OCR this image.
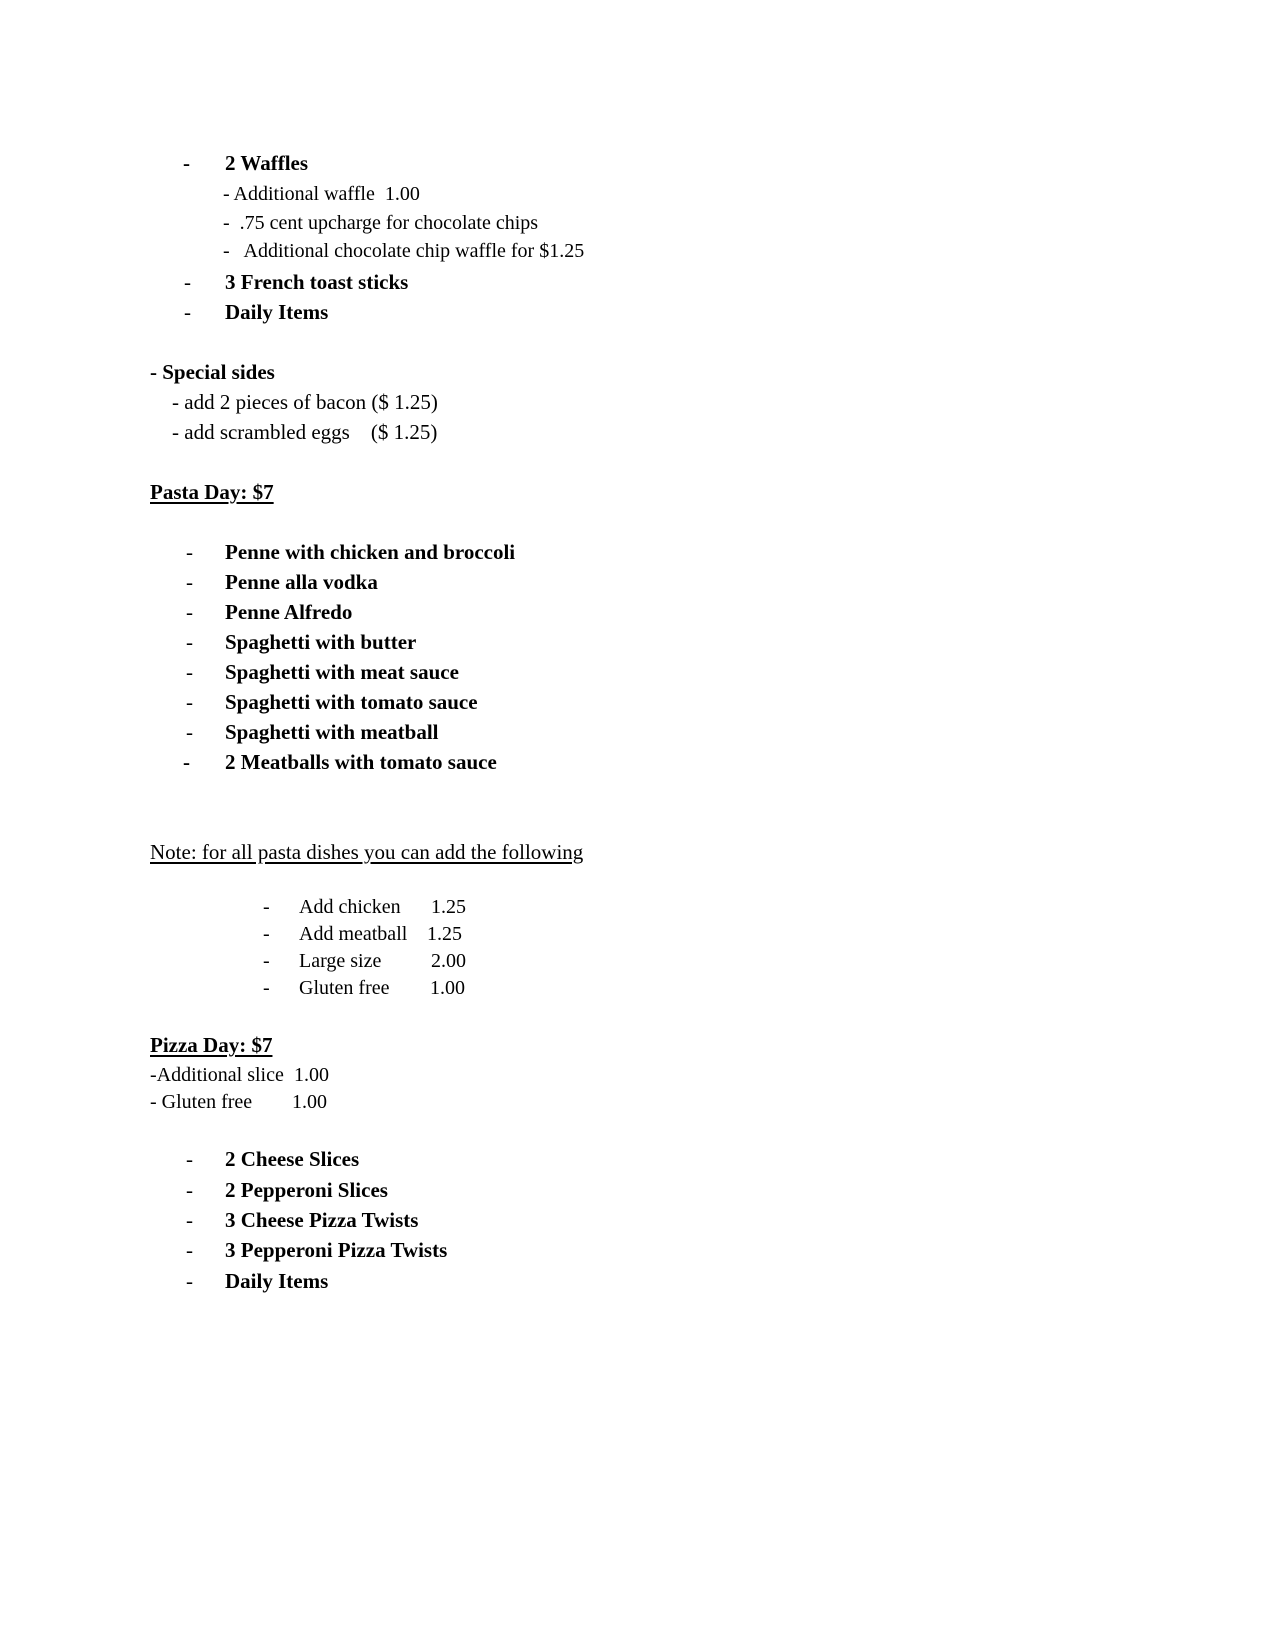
- 2 Waffles
- Additional waffle  1.00
-  .75 cent upcharge for chocolate chips
-   Additional chocolate chip waffle for $1.25
- 3 French toast sticks
- Daily Items
- Special sides
- add 2 pieces of bacon ($ 1.25)
- add scrambled eggs    ($ 1.25)
Pasta Day: $7
- Penne with chicken and broccoli
- Penne alla vodka
- Penne Alfredo
- Spaghetti with butter
- Spaghetti with meat sauce
- Spaghetti with tomato sauce
- Spaghetti with meatball
- 2 Meatballs with tomato sauce
Note: for all pasta dishes you can add the following
- Add chicken 1.25
- Add meatball 1.25
- Large size 2.00
- Gluten free 1.00
Pizza Day: $7
-Additional slice 1.00
- Gluten free 1.00
- 2 Cheese Slices
- 2 Pepperoni Slices
- 3 Cheese Pizza Twists
- 3 Pepperoni Pizza Twists
- Daily Items
